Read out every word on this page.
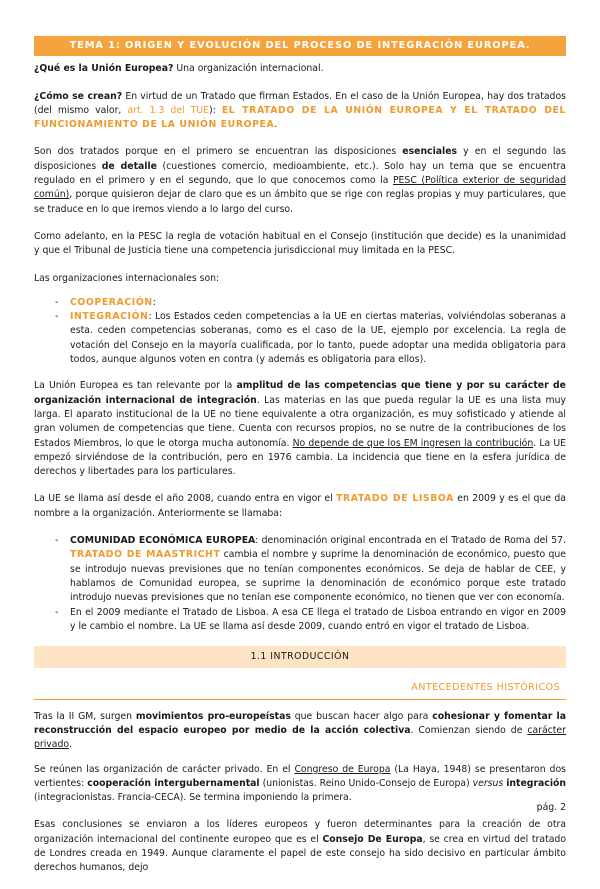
TEMA 1: ORIGEN Y EVOLUCIÓN DEL PROCESO DE INTEGRACIÓN EUROPEA.

¿Qué es la Unión Europea? Una organización internacional.

¿Cómo se crean? En virtud de un Tratado que firman Estados. En el caso de la Unión Europea, hay dos tratados (del mismo valor, art. 1.3 del TUE): EL TRATADO DE LA UNIÓN EUROPEA Y EL TRATADO DEL FUNCIONAMIENTO DE LA UNIÓN EUROPEA.

Son dos tratados porque en el primero se encuentran las disposiciones esenciales y en el segundo las disposiciones de detalle (cuestiones comercio, medioambiente, etc.). Solo hay un tema que se encuentra regulado en el primero y en el segundo, que lo que conocemos como la PESC (Política exterior de seguridad común), porque quisieron dejar de claro que es un ámbito que se rige con reglas propias y muy particulares, que se traduce en lo que iremos viendo a lo largo del curso.

Como adelanto, en la PESC la regla de votación habitual en el Consejo (institución que decide) es la unanimidad y que el Tribunal de Justicia tiene una competencia jurisdiccional muy limitada en la PESC.

Las organizaciones internacionales son:

- COOPERACIÓN:
- INTEGRACIÓN: Los Estados ceden competencias a la UE en ciertas materias, volviéndolas soberanas a esta. ceden competencias soberanas, como es el caso de la UE, ejemplo por excelencia. La regla de votación del Consejo en la mayoría cualificada, por lo tanto, puede adoptar una medida obligatoria para todos, aunque algunos voten en contra (y además es obligatoria para ellos).

La Unión Europea es tan relevante por la amplitud de las competencias que tiene y por su carácter de organización internacional de integración. Las materias en las que pueda regular la UE es una lista muy larga. El aparato institucional de la UE no tiene equivalente a otra organización, es muy sofisticado y atiende al gran volumen de competencias que tiene. Cuenta con recursos propios, no se nutre de la contribuciones de los Estados Miembros, lo que le otorga mucha autonomía. No depende de que los EM ingresen la contribución. La UE empezó sirviéndose de la contribución, pero en 1976 cambia. La incidencia que tiene en la esfera jurídica de derechos y libertades para los particulares.

La UE se llama así desde el año 2008, cuando entra en vigor el TRATADO DE LISBOA en 2009 y es el que da nombre a la organización. Anteriormente se llamaba:

- COMUNIDAD ECONÓMICA EUROPEA: denominación original encontrada en el Tratado de Roma del 57. TRATADO DE MAASTRICHT cambia el nombre y suprime la denominación de económico, puesto que se introdujo nuevas previsiones que no tenían componentes económicos. Se deja de hablar de CEE, y hablamos de Comunidad europea, se suprime la denominación de económico porque este tratado introdujo nuevas previsiones que no tenían ese componente económico, no tienen que ver con economía.
- En el 2009 mediante el Tratado de Lisboa. A esa CE llega el tratado de Lisboa entrando en vigor en 2009 y le cambio el nombre. La UE se llama así desde 2009, cuando entró en vigor el tratado de Lisboa.
1.1 INTRODUCCIÓN
ANTECEDENTES HISTÓRICOS

Tras la II GM, surgen movimientos pro-europeístas que buscan hacer algo para cohesionar y fomentar la reconstrucción del espacio europeo por medio de la acción colectiva. Comienzan siendo de carácter privado.

Se reúnen las organización de carácter privado. En el Congreso de Europa (La Haya, 1948) se presentaron dos vertientes: cooperación intergubernamental (unionistas. Reino Unido-Consejo de Europa) versus integración (integracionistas. Francia-CECA). Se termina imponiendo la primera.

Esas conclusiones se enviaron a los líderes europeos y fueron determinantes para la creación de otra organización internacional del continente europeo que es el Consejo De Europa, se crea en virtud del tratado de Londres creada en 1949. Aunque claramente el papel de este consejo ha sido decisivo en particular ámbito derechos humanos, dejo

pág. 2
